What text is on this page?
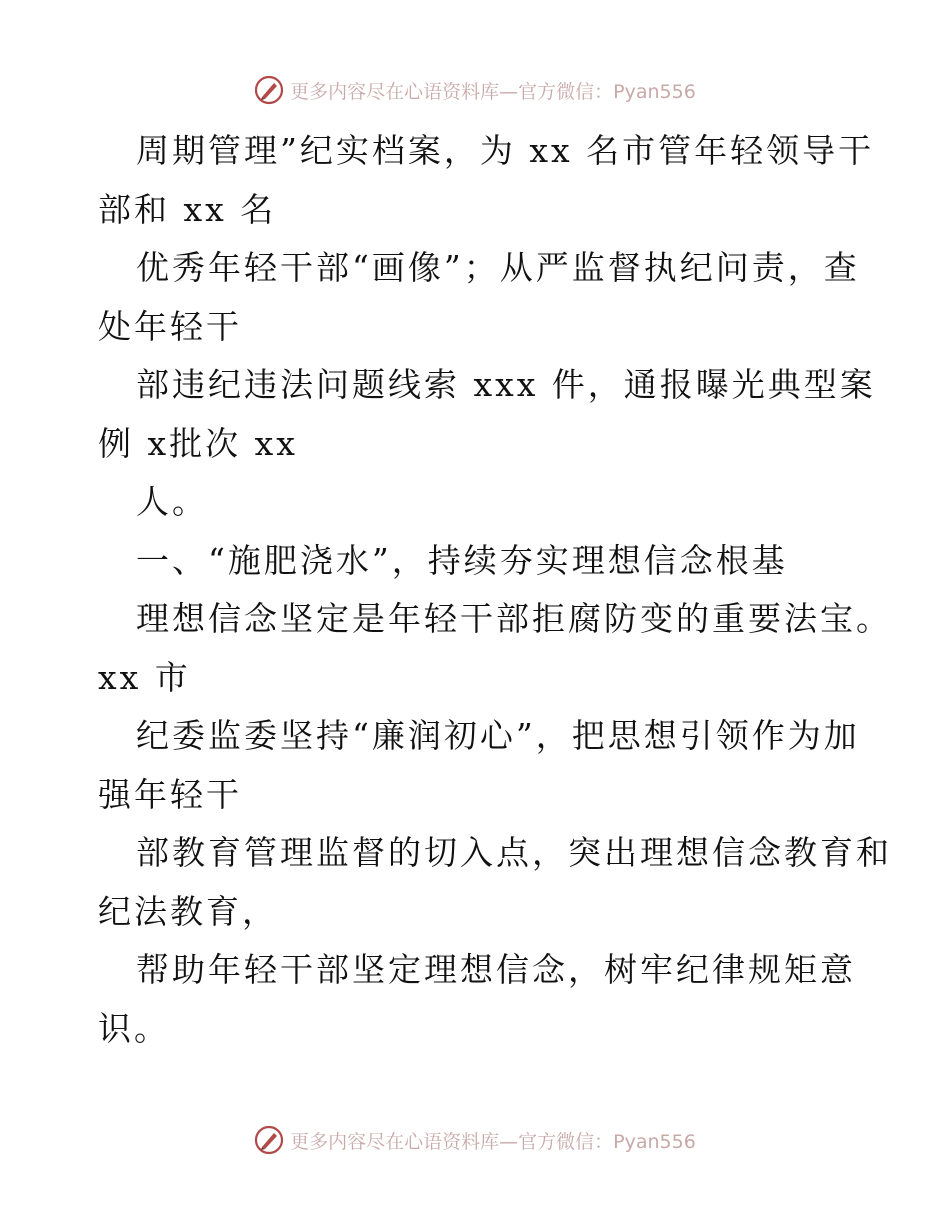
更多内容尽在心语资料库—官方微信：Pyan556
周期管理”纪实档案，为 xx 名市管年轻领导干
部和 xx 名
优秀年轻干部“画像”；从严监督执纪问责，查
处年轻干
部违纪违法问题线索 xxx 件，通报曝光典型案
例 x批次 xx
人。
一、“施肥浇水”，持续夯实理想信念根基
理想信念坚定是年轻干部拒腐防变的重要法宝。
xx 市
纪委监委坚持“廉润初心”，把思想引领作为加
强年轻干
部教育管理监督的切入点，突出理想信念教育和
纪法教育，
帮助年轻干部坚定理想信念，树牢纪律规矩意
识。
更多内容尽在心语资料库—官方微信：Pyan556
